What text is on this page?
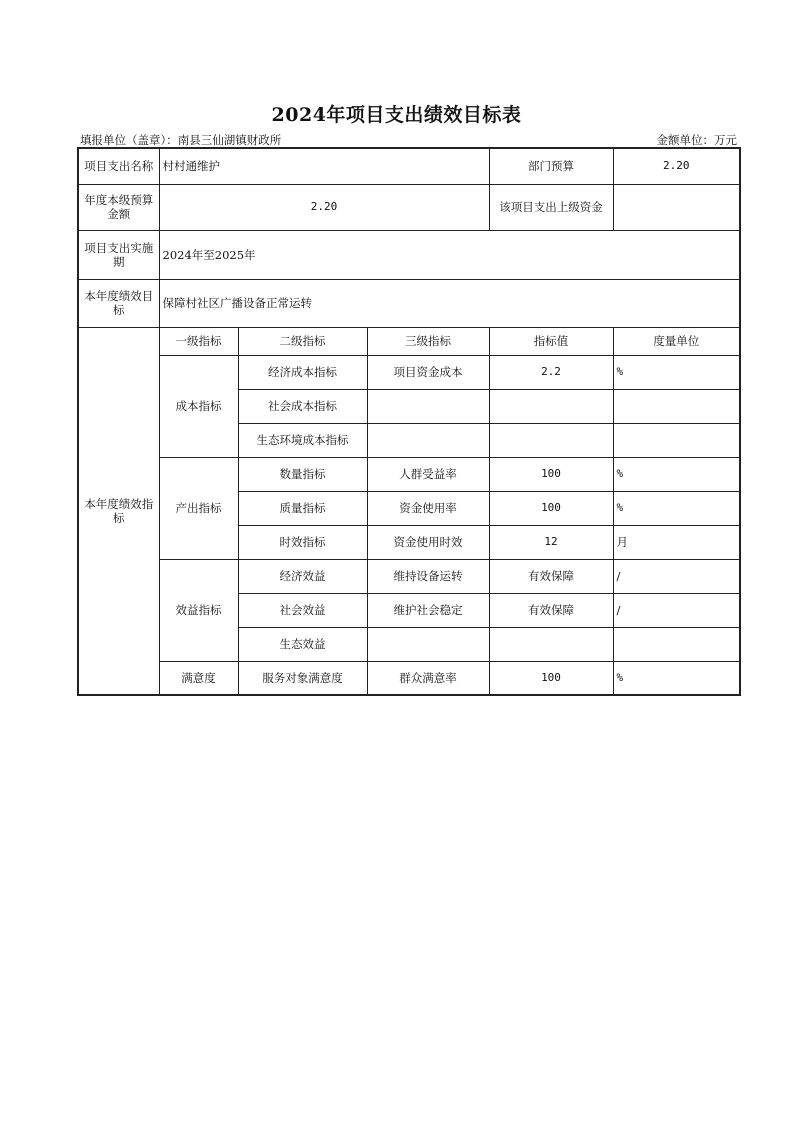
2024年项目支出绩效目标表
填报单位（盖章）：南县三仙湖镇财政所	金额单位：万元
项目支出名称	村村通维护			部门预算	2.20
年度本级预算金额	2.20			该项目支出上级资金	
项目支出实施期	2024年至2025年				
本年度绩效目标	保障村社区广播设备正常运转				
本年度绩效指标	一级指标	二级指标	三级指标	指标值	度量单位
	成本指标	经济成本指标	项目资金成本	2.2	%
		社会成本指标			
		生态环境成本指标			
	产出指标	数量指标	人群受益率	100	%
		质量指标	资金使用率	100	%
		时效指标	资金使用时效	12	月
	效益指标	经济效益	维持设备运转	有效保障	/
		社会效益	维护社会稳定	有效保障	/
		生态效益			
	满意度	服务对象满意度	群众满意率	100	%
